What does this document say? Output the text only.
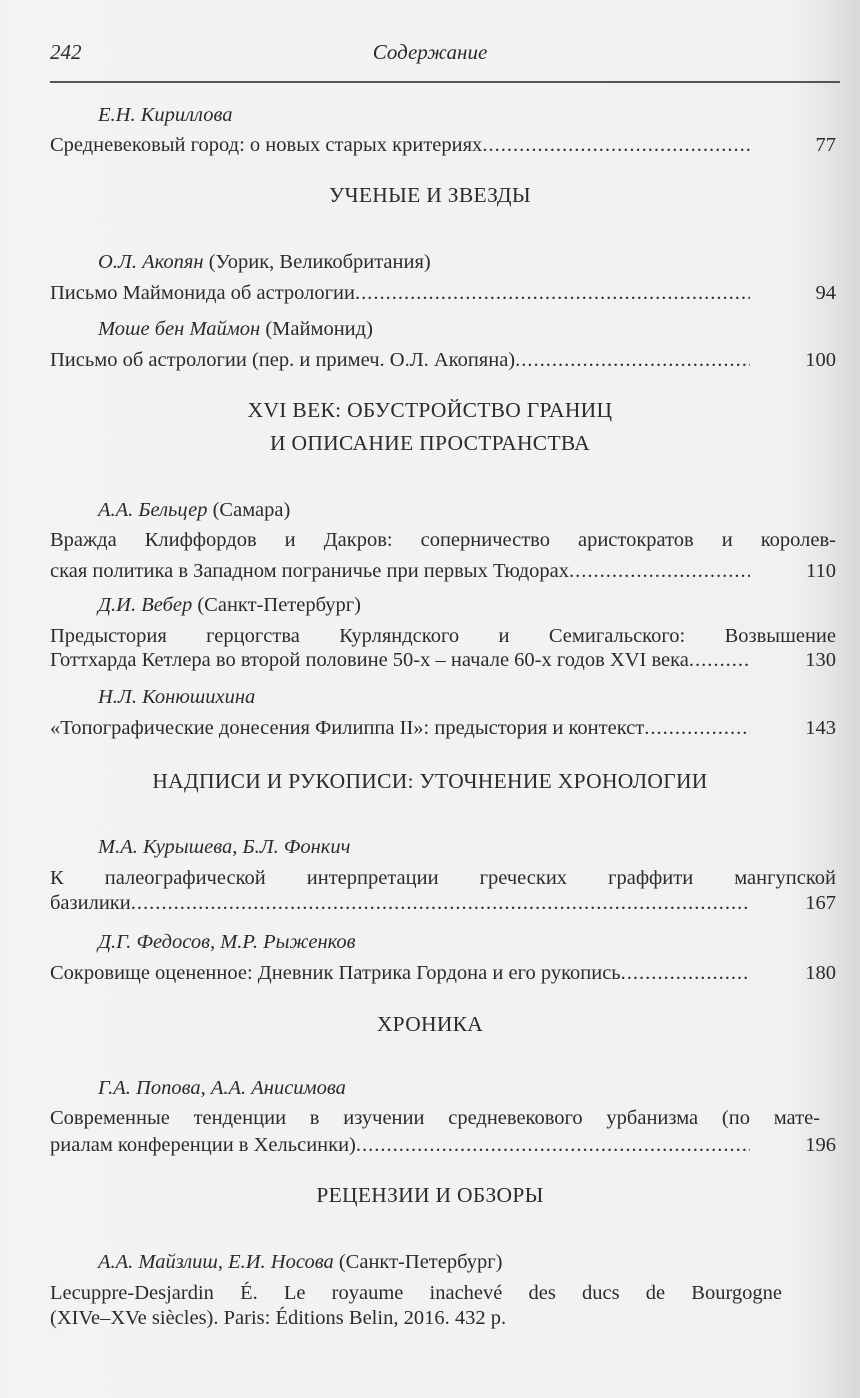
242	Содержание
Е.Н. Кириллова
Средневековый город: о новых старых критериях .....	77
УЧЕНЫЕ И ЗВЕЗДЫ
О.Л. Акопян (Уорик, Великобритания)
Письмо Маймонида об астрологии .....	94
Моше бен Маймон (Маймонид)
Письмо об астрологии (пер. и примеч. О.Л. Акопяна) .....	100
XVI ВЕК: ОБУСТРОЙСТВО ГРАНИЦ
И ОПИСАНИЕ ПРОСТРАНСТВА
А.А. Бельцер (Самара)
Вражда Клиффордов и Дакров: соперничество аристократов и королев-
ская политика в Западном пограничье при первых Тюдорах .....	110
Д.И. Вебер (Санкт-Петербург)
Предыстория герцогства Курляндского и Семигальского: Возвышение
Готтхарда Кетлера во второй половине 50-х – начале 60-х годов XVI века .....	130
Н.Л. Конюшихина
«Топографические донесения Филиппа II»: предыстория и контекст .....	143
НАДПИСИ И РУКОПИСИ: УТОЧНЕНИЕ ХРОНОЛОГИИ
М.А. Курышева, Б.Л. Фонкич
К палеографической интерпретации греческих граффити мангупской
базилики .....	167
Д.Г. Федосов, М.Р. Рыженков
Сокровище оцененное: Дневник Патрика Гордона и его рукопись .....	180
ХРОНИКА
Г.А. Попова, А.А. Анисимова
Современные тенденции в изучении средневекового урбанизма (по мате-
риалам конференции в Хельсинки) .....	196
РЕЦЕНЗИИ И ОБЗОРЫ
А.А. Майзлиш, Е.И. Носова (Санкт-Петербург)
Lecuppre-Desjardin É. Le royaume inachevé des ducs de Bourgogne
(XIVe–XVe siècles). Paris: Éditions Belin, 2016. 432 p.
